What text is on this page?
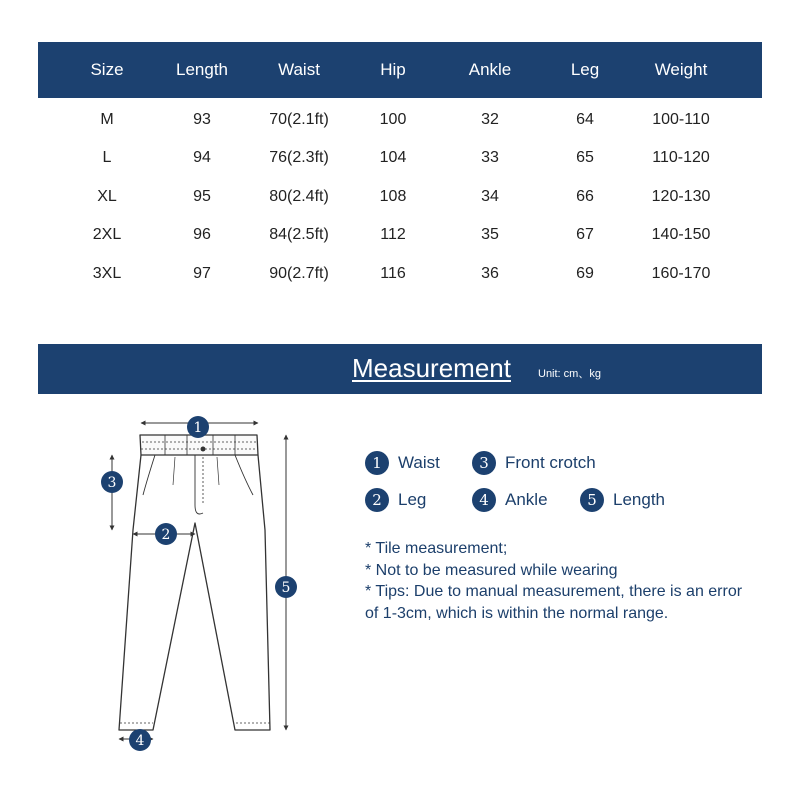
Size	Length	Waist	Hip	Ankle	Leg	Weight
M	93	70(2.1ft)	100	32	64	100-110
L	94	76(2.3ft)	104	33	65	110-120
XL	95	80(2.4ft)	108	34	66	120-130
2XL	96	84(2.5ft)	112	35	67	140-150
3XL	97	90(2.7ft)	116	36	69	160-170
Measurement Unit: cm、kg
1
3
2
5
4
1 Waist	3 Front crotch
2 Leg	4 Ankle	5 Length

* Tile measurement;

* Not to be measured while wearing

* Tips: Due to manual measurement, there is an error of 1-3cm, which is within the normal range.
